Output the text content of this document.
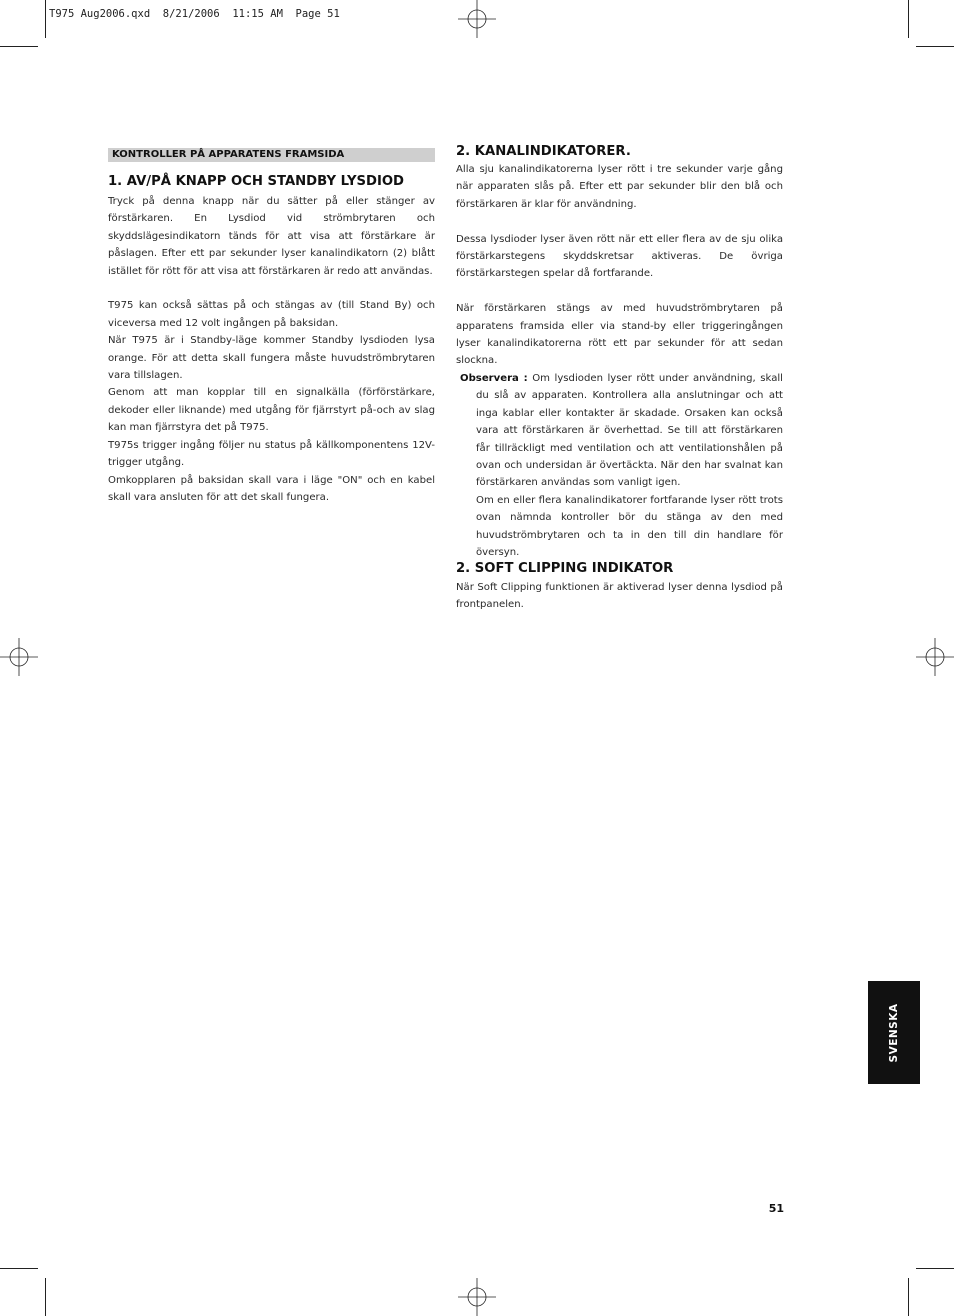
T975 Aug2006.qxd  8/21/2006  11:15 AM  Page 51
KONTROLLER PÅ APPARATENS FRAMSIDA
1. AV/PÅ KNAPP OCH STANDBY LYSDIOD

Tryck på denna knapp när du sätter på eller stänger av förstärkaren. En Lysdiod vid strömbrytaren och skyddslägesindikatorn tänds för att visa att förstärkare är påslagen. Efter ett par sekunder lyser kanalindikatorn (2) blått istället för rött för att visa att förstärkaren är redo att användas.

T975 kan också sättas på och stängas av (till Stand By) och viceversa med 12 volt ingången på baksidan.

När T975 är i Standby-läge kommer Standby lysdioden lysa orange. För att detta skall fungera måste huvudströmbrytaren vara tillslagen.

Genom att man kopplar till en signalkälla (förförstärkare, dekoder eller liknande) med utgång för fjärrstyrt på-och av slag kan man fjärrstyra det på T975.

T975s trigger ingång följer nu status på källkomponentens 12V-trigger utgång.

Omkopplaren på baksidan skall vara i läge "ON" och en kabel skall vara ansluten för att det skall fungera.

2. KANALINDIKATORER.

Alla sju kanalindikatorerna lyser rött i tre sekunder varje gång när apparaten slås på. Efter ett par sekunder blir den blå och förstärkaren är klar för användning.

Dessa lysdioder lyser även rött när ett eller flera av de sju olika förstärkarstegens skyddskretsar aktiveras. De övriga förstärkarstegen spelar då fortfarande.

När förstärkaren stängs av med huvudströmbrytaren på apparatens framsida eller via stand-by eller triggeringången lyser kanalindikatorerna rött ett par sekunder för att sedan slockna.

Observera : Om lysdioden lyser rött under användning, skall du slå av apparaten. Kontrollera alla anslutningar och att inga kablar eller kontakter är skadade. Orsaken kan också vara att förstärkaren är överhettad. Se till att förstärkaren får tillräckligt med ventilation och att ventilationshålen på ovan och undersidan är övertäckta. När den har svalnat kan förstärkaren användas som vanligt igen.

Om en eller flera kanalindikatorer fortfarande lyser rött trots ovan nämnda kontroller bör du stänga av den med huvudströmbrytaren och ta in den till din handlare för översyn.

2. SOFT CLIPPING INDIKATOR

När Soft Clipping funktionen är aktiverad lyser denna lysdiod på frontpanelen.

SVENSKA
51
